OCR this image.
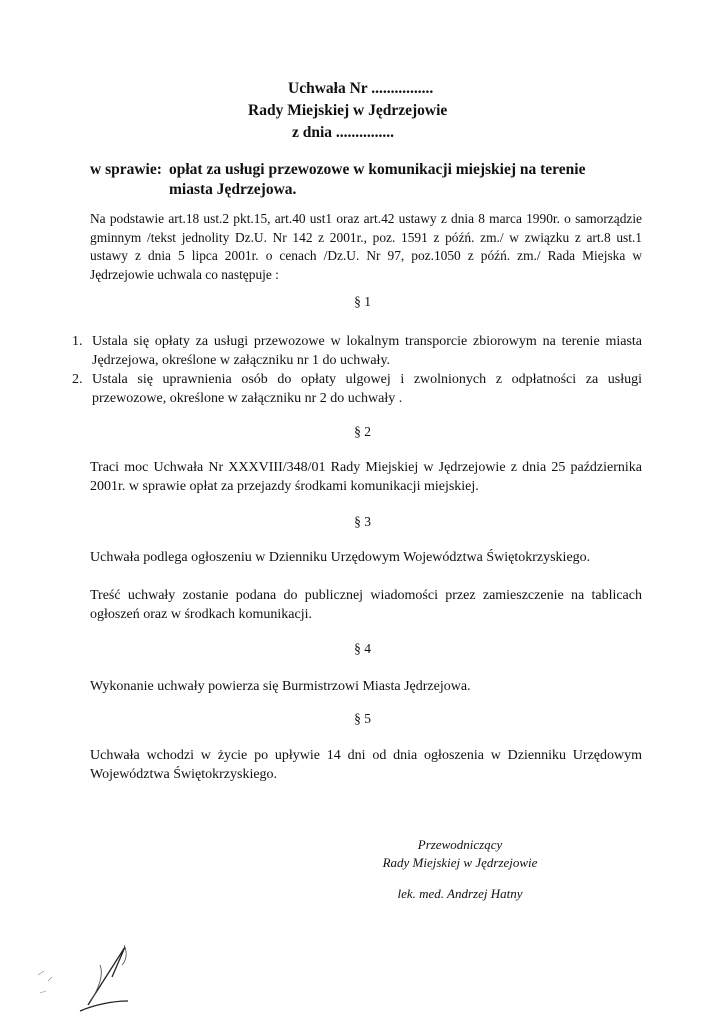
Uchwała Nr ................
Rady Miejskiej w Jędrzejowie
z dnia ...............
w sprawie: opłat za usługi przewozowe w komunikacji miejskiej na terenie
miasta Jędrzejowa.
Na podstawie art.18 ust.2 pkt.15, art.40 ust1 oraz art.42 ustawy z dnia 8 marca 1990r. o samorządzie gminnym /tekst jednolity Dz.U. Nr 142 z 2001r., poz. 1591 z późń. zm./ w związku z art.8 ust.1 ustawy z dnia 5 lipca 2001r. o cenach /Dz.U. Nr 97, poz.1050 z późń. zm./ Rada Miejska w Jędrzejowie uchwala co następuje :
§ 1
1. Ustala się opłaty za usługi przewozowe w lokalnym transporcie zbiorowym na terenie miasta Jędrzejowa, określone w załączniku nr 1 do uchwały.
2. Ustala się uprawnienia osób do opłaty ulgowej i zwolnionych z odpłatności za usługi przewozowe, określone w załączniku nr 2 do uchwały .
§ 2
Traci moc Uchwała Nr XXXVIII/348/01 Rady Miejskiej w Jędrzejowie z dnia 25 października 2001r. w sprawie opłat za przejazdy środkami komunikacji miejskiej.
§ 3
Uchwała podlega ogłoszeniu w Dzienniku Urzędowym Województwa Świętokrzyskiego.
Treść uchwały zostanie podana do publicznej wiadomości przez zamieszczenie na tablicach ogłoszeń oraz w środkach komunikacji.
§ 4
Wykonanie uchwały powierza się Burmistrzowi Miasta Jędrzejowa.
§ 5
Uchwała wchodzi w życie po upływie 14 dni od dnia ogłoszenia w Dzienniku Urzędowym Województwa Świętokrzyskiego.
Przewodniczący
Rady Miejskiej w Jędrzejowie
lek. med. Andrzej Hatny
